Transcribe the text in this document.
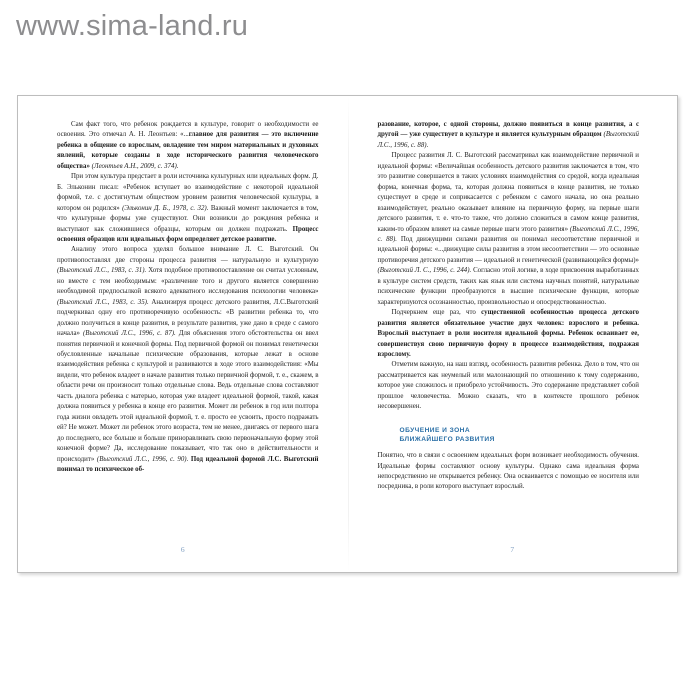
www.sima-land.ru

Сам факт того, что ребенок рождается в культуре, говорит о необходимости ее освоения. Это отмечал А. Н. Леонтьев: «...главное для развития — это включение ребенка в общение со взрослым, овладение тем миром материальных и духовных явлений, которые созданы в ходе исторического развития человеческого общества» (Леонтьев А.Н., 2009, с. 374).

При этом культура предстает в роли источника культурных или идеальных форм. Д. Б. Эльконин писал: «Ребенок вступает во взаимодействие с некоторой идеальной формой, т.е. с достигнутым обществом уровнем развития человеческой культуры, в котором он родился» (Эльконин Д. Б., 1978, с. 32). Важный момент заключается в том, что культурные формы уже существуют. Они возникли до рождения ребенка и выступают как сложившиеся образцы, которым он должен подражать. Процесс освоения образцов или идеальных форм определяет детское развитие.

Анализу этого вопроса уделял большое внимание Л. С. Выготский. Он противопоставлял две стороны процесса развития — натуральную и культурную (Выготский Л.С., 1983, с. 31). Хотя подобное противопоставление он считал условным, но вместе с тем необходимым: «различение того и другого является совершенно необходимой предпосылкой всякого адекватного исследования психологии человека» (Выготский Л.С., 1983, с. 35). Анализируя процесс детского развития, Л.С.Выготский подчеркивал одну его противоречивую особенность: «В развитии ребенка то, что должно получиться в конце развития, в результате развития, уже дано в среде с самого начала» (Выготский Л.С., 1996, с. 87). Для объяснения этого обстоятельства он ввел понятия первичной и конечной формы. Под первичной формой он понимал генетически обусловленные начальные психические образования, которые лежат в основе взаимодействия ребенка с культурой и развиваются в ходе этого взаимодействия: «Мы видели, что ребенок владеет в начале развития только первичной формой, т. е., скажем, в области речи он произносит только отдельные слова. Ведь отдельные слова составляют часть диалога ребенка с матерью, которая уже владеет идеальной формой, такой, какая должна появиться у ребенка в конце его развития. Может ли ребенок в год или полтора года жизни овладеть этой идеальной формой, т. е. просто ее усвоить, просто подражать ей? Не может. Может ли ребенок этого возраста, тем не менее, двигаясь от первого шага до последнего, все больше и больше приноравливать свою первоначальную форму этой конечной форме? Да, исследование показывает, что так оно в действительности и происходит» (Выготский Л.С., 1996, с. 90). Под идеальной формой Л.С. Выготский понимал то психическое об-

6

разование, которое, с одной стороны, должно появиться в конце развития, а с другой — уже существует в культуре и является культурным образцом (Выготский Л.С., 1996, с. 88).

Процесс развития Л. С. Выготский рассматривал как взаимодействие первичной и идеальной формы: «Величайшая особенность детского развития заключается в том, что это развитие совершается в таких условиях взаимодействия со средой, когда идеальная форма, конечная форма, та, которая должна появиться в конце развития, не только существует в среде и соприкасается с ребенком с самого начала, но она реально взаимодействует, реально оказывает влияние на первичную форму, на первые шаги детского развития, т. е. что-то такое, что должно сложиться в самом конце развития, каким-то образом влияет на самые первые шаги этого развития» (Выготский Л.С., 1996, с. 88). Под движущими силами развития он понимал несоответствие первичной и идеальной формы: «...движущие силы развития в этом несоответствии — это основные противоречия детского развития — идеальной и генетической (развивающейся формы)» (Выготский Л. С., 1996, с. 244). Согласно этой логике, в ходе присвоения выработанных в культуре систем средств, таких как язык или система научных понятий, натуральные психические функции преобразуются в высшие психические функции, которые характеризуются осознанностью, произвольностью и опосредствованностью.

Подчеркнем еще раз, что существенной особенностью процесса детского развития является обязательное участие двух человек: взрослого и ребенка. Взрослый выступает в роли носителя идеальной формы. Ребенок осваивает ее, совершенствуя свою первичную форму в процессе взаимодействия, подражая взрослому.

Отметим важную, на наш взгляд, особенность развития ребенка. Дело в том, что он рассматривается как неумелый или малознающий по отношению к тому содержанию, которое уже сложилось и приобрело устойчивость. Это содержание представляет собой прошлое человечества. Можно сказать, что в контексте прошлого ребенок несовершенен.

ОБУЧЕНИЕ И ЗОНА
БЛИЖАЙШЕГО РАЗВИТИЯ

Понятно, что в связи с освоением идеальных форм возникает необходимость обучения. Идеальные формы составляют основу культуры. Однако сама идеальная форма непосредственно не открывается ребенку. Она осваивается с помощью ее носителя или посредника, в роли которого выступает взрослый.

7
